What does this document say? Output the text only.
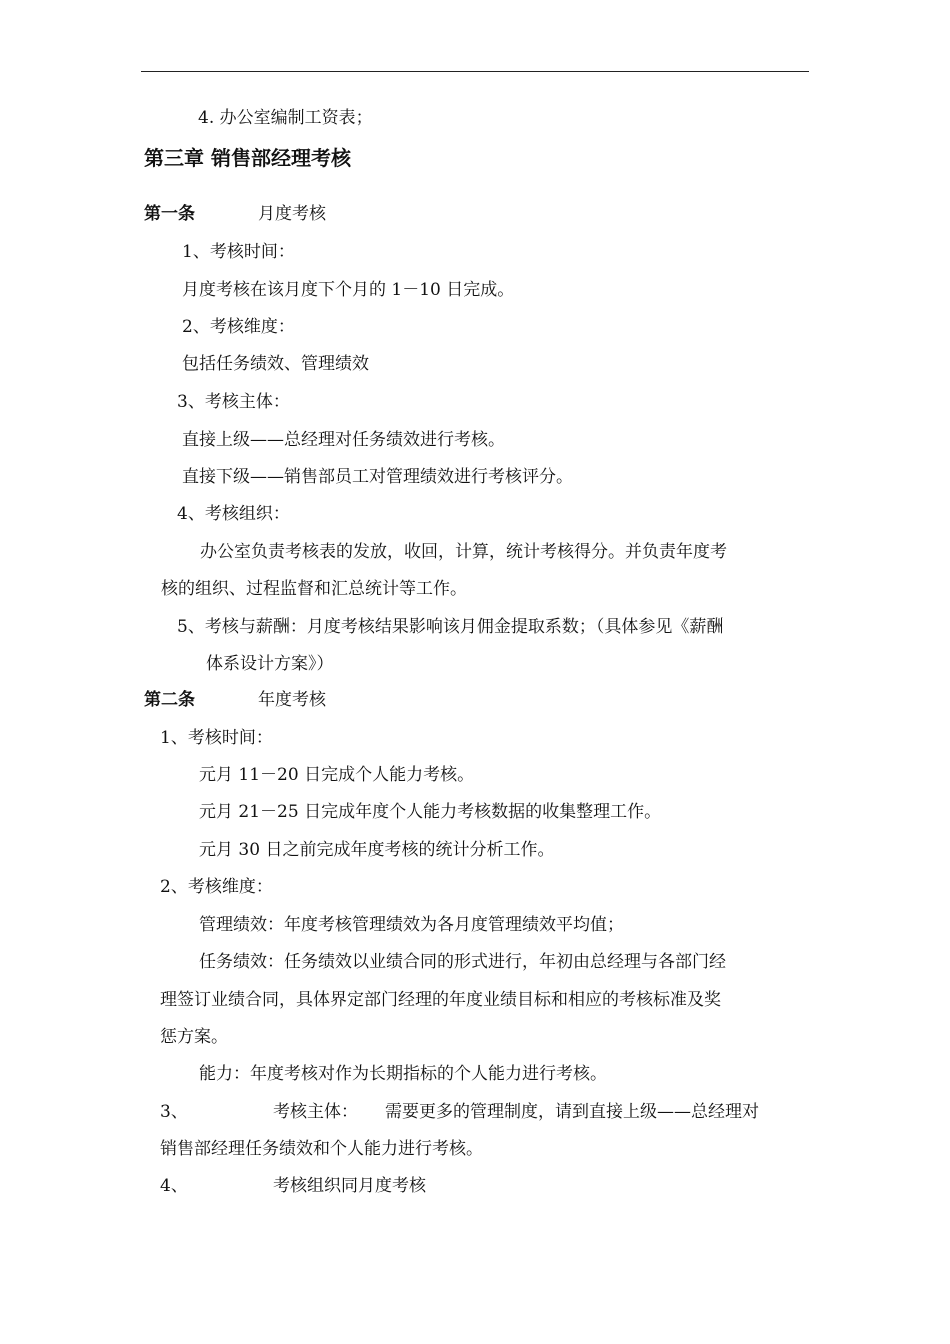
4. 办公室编制工资表；
第三章 销售部经理考核
第一条	月度考核
1、考核时间：
月度考核在该月度下个月的 1－10 日完成。
2、考核维度：
包括任务绩效、管理绩效
3、考核主体：
直接上级——总经理对任务绩效进行考核。
直接下级——销售部员工对管理绩效进行考核评分。
4、考核组织：
办公室负责考核表的发放，收回，计算，统计考核得分。并负责年度考
核的组织、过程监督和汇总统计等工作。
5、考核与薪酬：月度考核结果影响该月佣金提取系数；（具体参见《薪酬
体系设计方案》）
第二条	年度考核
1、考核时间：
元月 11－20 日完成个人能力考核。
元月 21－25 日完成年度个人能力考核数据的收集整理工作。
元月 30 日之前完成年度考核的统计分析工作。
2、考核维度：
管理绩效：年度考核管理绩效为各月度管理绩效平均值；
任务绩效：任务绩效以业绩合同的形式进行，年初由总经理与各部门经
理签订业绩合同，具体界定部门经理的年度业绩目标和相应的考核标准及奖
惩方案。
能力：年度考核对作为长期指标的个人能力进行考核。
3、	考核主体： 需要更多的管理制度，请到直接上级——总经理对
销售部经理任务绩效和个人能力进行考核。
4、	考核组织同月度考核
